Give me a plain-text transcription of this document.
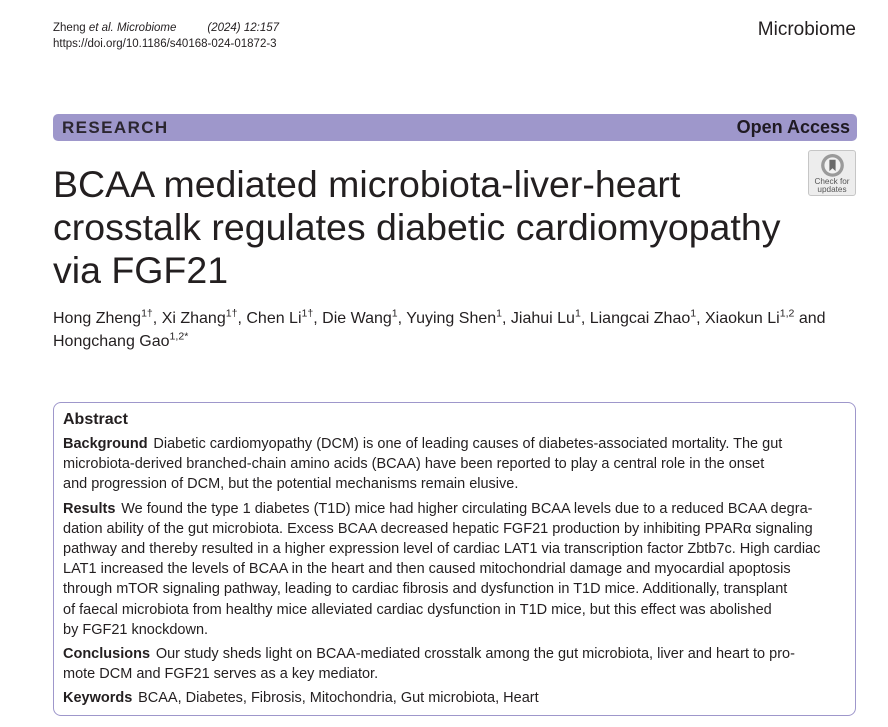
Zheng et al. Microbiome	(2024) 12:157
https://doi.org/10.1186/s40168-024-01872-3
Microbiome
RESEARCH	Open Access
Check for
updates
BCAA mediated microbiota-liver-heart
crosstalk regulates diabetic cardiomyopathy
via FGF21
Hong Zheng$^{1\dagger}$, Xi Zhang$^{1\dagger}$, Chen $Li^{1\dagger}$, Die Wang$^1$, Yuying Shen$^1$, Jiahui Lu$^1$, Liangcai Zhao$^1$, Xiaokun Li$^{1,2}$ and
Hongchang Gao$^{1,2*}$
Abstract
Background Diabetic cardiomyopathy (DCM) is one of leading causes of diabetes-associated mortality. The gut
microbiota-derived branched-chain amino acids (BCAA) have been reported to play a central role in the onset
and progression of DCM, but the potential mechanisms remain elusive.
Results We found the type 1 diabetes (T1D) mice had higher circulating BCAA levels due to a reduced BCAA degra-
dation ability of the gut microbiota. Excess BCAA decreased hepatic FGF21 production by inhibiting PPARα signaling
pathway and thereby resulted in a higher expression level of cardiac LAT1 via transcription factor Zbtb7c. High cardiac
LAT1 increased the levels of BCAA in the heart and then caused mitochondrial damage and myocardial apoptosis
through mTOR signaling pathway, leading to cardiac fibrosis and dysfunction in T1D mice. Additionally, transplant
of faecal microbiota from healthy mice alleviated cardiac dysfunction in T1D mice, but this effect was abolished
by FGF21 knockdown.
Conclusions Our study sheds light on BCAA-mediated crosstalk among the gut microbiota, liver and heart to pro-
mote DCM and FGF21 serves as a key mediator.
Keywords BCAA, Diabetes, Fibrosis, Mitochondria, Gut microbiota, Heart
